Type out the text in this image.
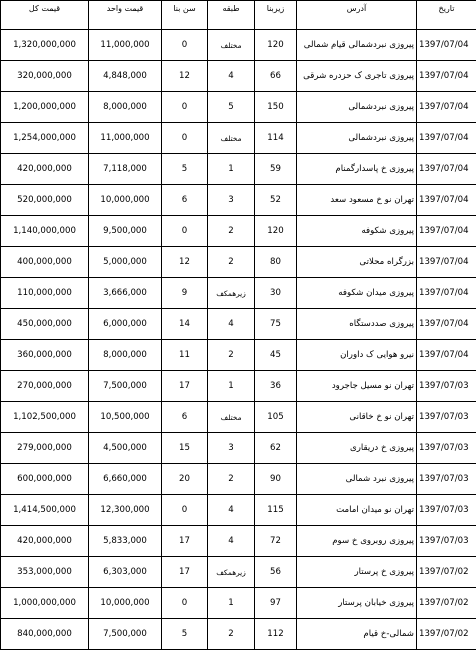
قیمت کل	قیمت واحد	سن بنا	طبقه	زیربنا	آدرس	تاریخ
1,320,000,000	11,000,000	0	مختلف	120	پیروزی نبردشمالی قیام شمالی	1397/07/04
320,000,000	4,848,000	12	4	66	پیروزی تاجری ک حزدره شرقی	1397/07/04
1,200,000,000	8,000,000	0	5	150	پیروزی نبردشمالی	1397/07/04
1,254,000,000	11,000,000	0	مختلف	114	پیروزی نبردشمالی	1397/07/04
420,000,000	7,118,000	5	1	59	پیروزی خ پاسدارگمنام	1397/07/04
520,000,000	10,000,000	6	3	52	تهران نو خ مسعود سعد	1397/07/04
1,140,000,000	9,500,000	0	2	120	پیروزی شکوفه	1397/07/04
400,000,000	5,000,000	12	2	80	بزرگراه محلاتی	1397/07/04
110,000,000	3,666,000	9	زیرهمکف	30	پیروزی میدان شکوفه	1397/07/04
450,000,000	6,000,000	14	4	75	پیروزی صددستگاه	1397/07/04
360,000,000	8,000,000	11	2	45	نیرو هوایی ک داوران	1397/07/04
270,000,000	7,500,000	17	1	36	تهران نو مسیل جاجرود	1397/07/03
1,102,500,000	10,500,000	6	مختلف	105	تهران نو خ خاقانی	1397/07/03
279,000,000	4,500,000	15	3	62	پیروزی خ دریقاری	1397/07/03
600,000,000	6,660,000	20	2	90	پیروزی نبرد شمالی	1397/07/03
1,414,500,000	12,300,000	0	4	115	تهران نو میدان امامت	1397/07/03
420,000,000	5,833,000	17	4	72	پیروزی روبروی خ سوم	1397/07/03
353,000,000	6,303,000	17	زیرهمکف	56	پیروزی خ پرستار	1397/07/02
1,000,000,000	10,000,000	0	1	97	پیروزی خیابان پرستار	1397/07/02
840,000,000	7,500,000	5	2	112	شمالی-خ قیام	1397/07/02
